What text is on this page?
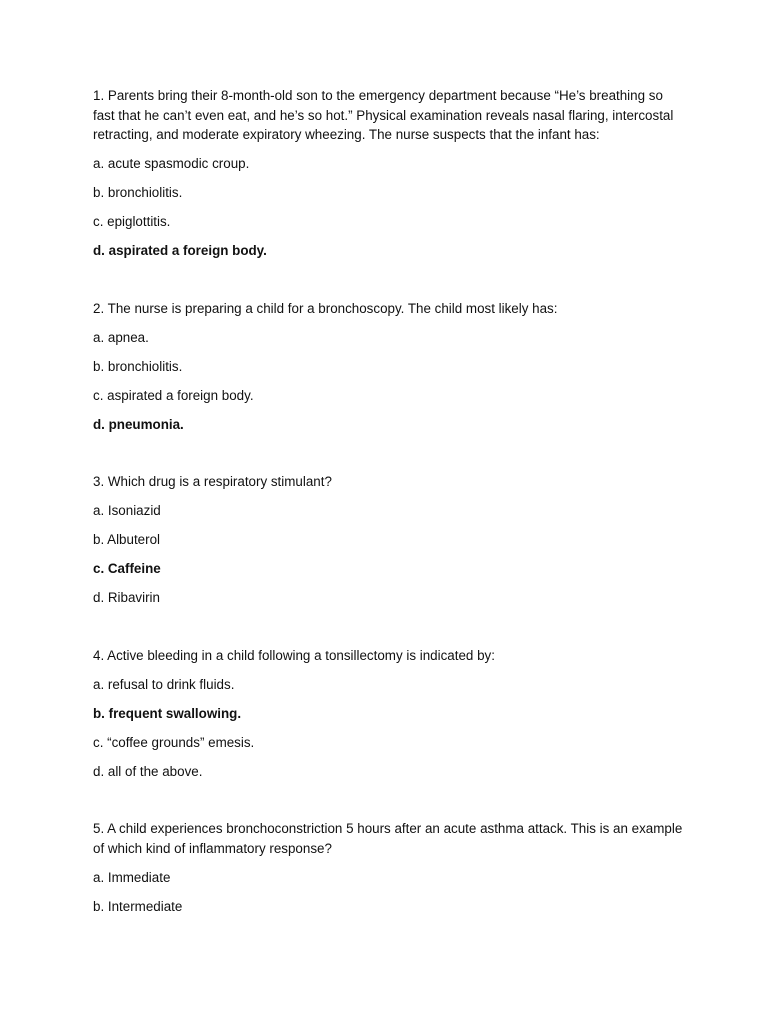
1. Parents bring their 8-month-old son to the emergency department because “He’s breathing so fast that he can’t even eat, and he’s so hot.” Physical examination reveals nasal flaring, intercostal retracting, and moderate expiratory wheezing. The nurse suspects that the infant has:

a. acute spasmodic croup.

b. bronchiolitis.

c. epiglottitis.

d. aspirated a foreign body.

2. The nurse is preparing a child for a bronchoscopy. The child most likely has:

a. apnea.

b. bronchiolitis.

c. aspirated a foreign body.

d. pneumonia.

3. Which drug is a respiratory stimulant?

a. Isoniazid

b. Albuterol

c. Caffeine

d. Ribavirin

4. Active bleeding in a child following a tonsillectomy is indicated by:

a. refusal to drink fluids.

b. frequent swallowing.

c. “coffee grounds” emesis.

d. all of the above.

5. A child experiences bronchoconstriction 5 hours after an acute asthma attack. This is an example of which kind of inflammatory response?

a. Immediate

b. Intermediate
